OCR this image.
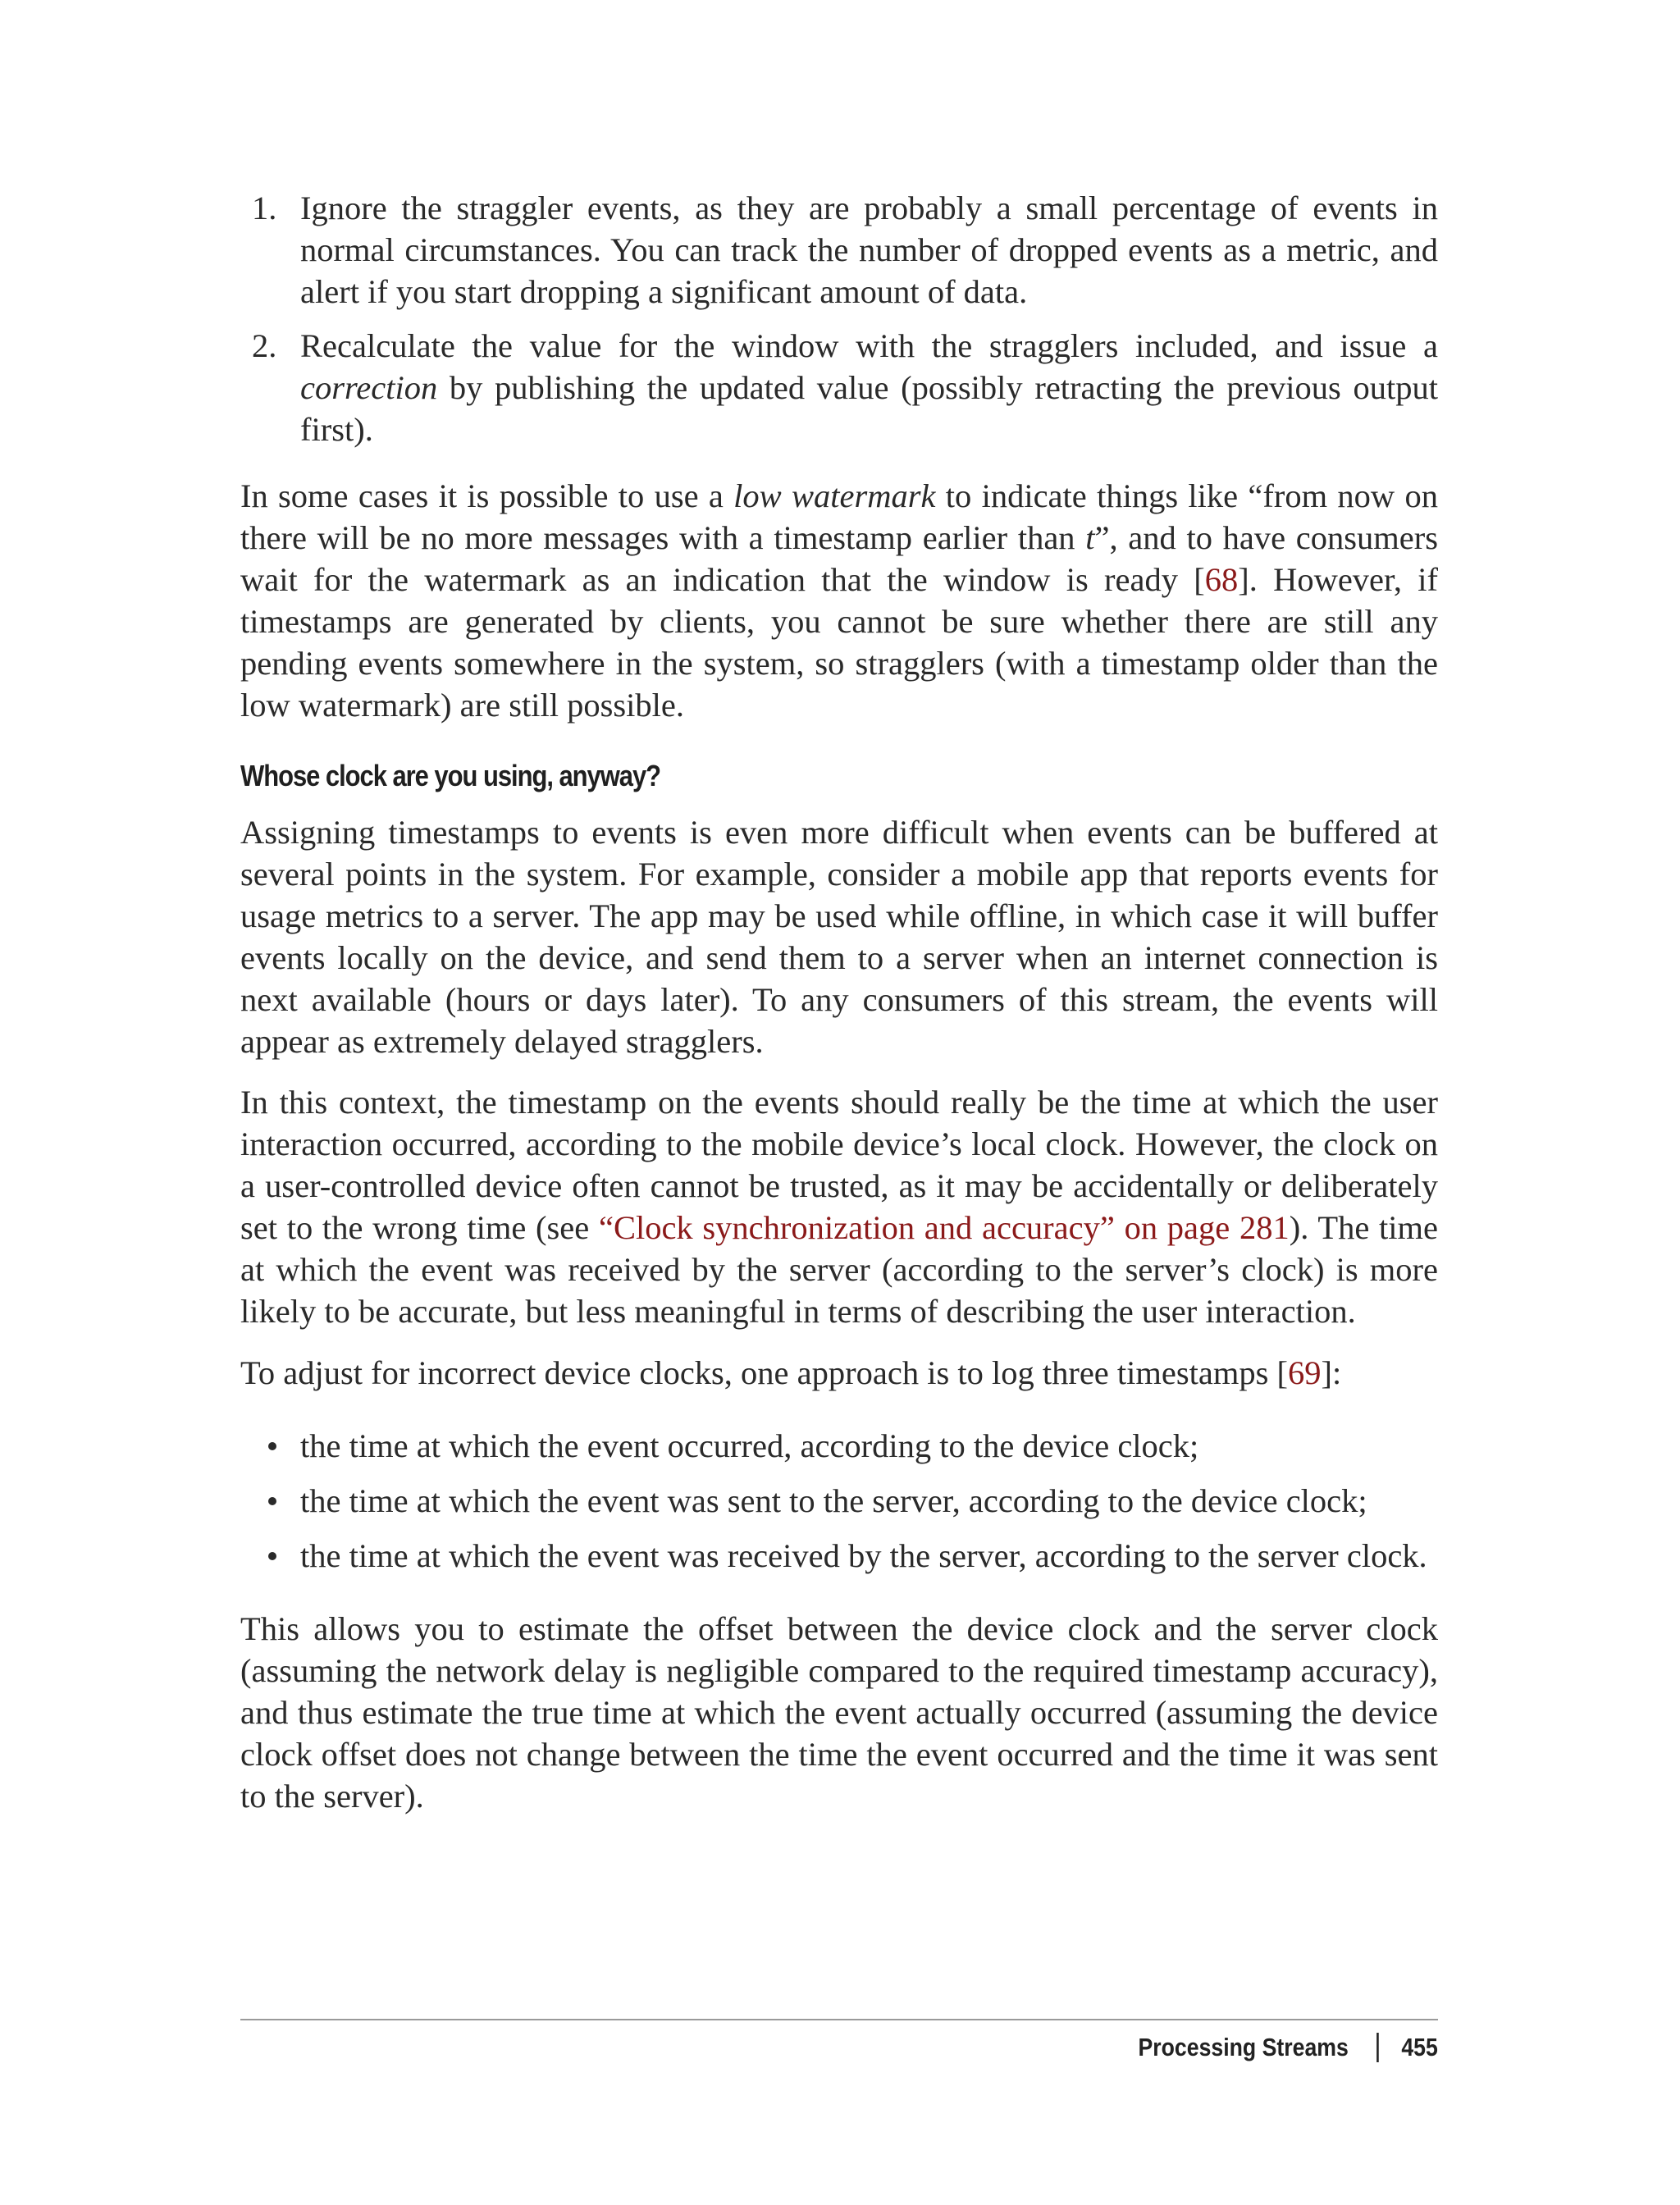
1. Ignore the straggler events, as they are probably a small percentage of events in normal circumstances. You can track the number of dropped events as a metric, and alert if you start dropping a significant amount of data.
2. Recalculate the value for the window with the stragglers included, and issue a correction by publishing the updated value (possibly retracting the previous output first).

In some cases it is possible to use a low watermark to indicate things like “from now on there will be no more messages with a timestamp earlier than t”, and to have consumers wait for the watermark as an indication that the window is ready [68]. However, if timestamps are generated by clients, you cannot be sure whether there are still any pending events somewhere in the system, so stragglers (with a timestamp older than the low watermark) are still possible.

Whose clock are you using, anyway?

Assigning timestamps to events is even more difficult when events can be buffered at several points in the system. For example, consider a mobile app that reports events for usage metrics to a server. The app may be used while offline, in which case it will buffer events locally on the device, and send them to a server when an internet connection is next available (hours or days later). To any consumers of this stream, the events will appear as extremely delayed stragglers.

In this context, the timestamp on the events should really be the time at which the user interaction occurred, according to the mobile device’s local clock. However, the clock on a user-controlled device often cannot be trusted, as it may be accidentally or deliberately set to the wrong time (see “Clock synchronization and accuracy” on page 281). The time at which the event was received by the server (according to the server’s clock) is more likely to be accurate, but less meaningful in terms of describing the user interaction.

To adjust for incorrect device clocks, one approach is to log three timestamps [69]:

the time at which the event occurred, according to the device clock;
the time at which the event was sent to the server, according to the device clock;
the time at which the event was received by the server, according to the server clock.

This allows you to estimate the offset between the device clock and the server clock (assuming the network delay is negligible compared to the required timestamp accuracy), and thus estimate the true time at which the event actually occurred (assuming the device clock offset does not change between the time the event occurred and the time it was sent to the server).

Processing Streams 455
